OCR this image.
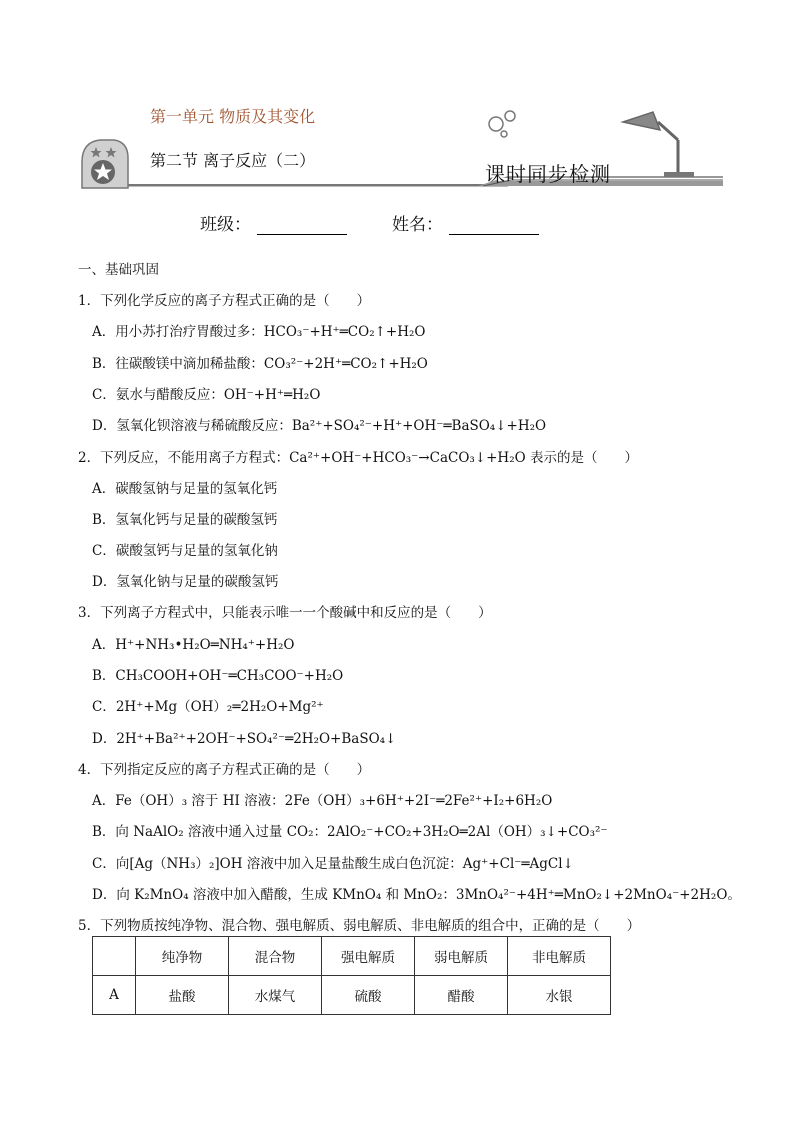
第一单元 物质及其变化
第二节 离子反应（二）
课时同步检测
班级：	姓名：
一、基础巩固
1．下列化学反应的离子方程式正确的是（　　）
A．用小苏打治疗胃酸过多：HCO₃⁻+H⁺═CO₂↑+H₂O
B．往碳酸镁中滴加稀盐酸：CO₃²⁻+2H⁺═CO₂↑+H₂O
C．氨水与醋酸反应：OH⁻+H⁺═H₂O
D．氢氧化钡溶液与稀硫酸反应：Ba²⁺+SO₄²⁻+H⁺+OH⁻═BaSO₄↓+H₂O
2．下列反应，不能用离子方程式：Ca²⁺+OH⁻+HCO₃⁻→CaCO₃↓+H₂O 表示的是（　　）
A．碳酸氢钠与足量的氢氧化钙
B．氢氧化钙与足量的碳酸氢钙
C．碳酸氢钙与足量的氢氧化钠
D．氢氧化钠与足量的碳酸氢钙
3．下列离子方程式中，只能表示唯一一个酸碱中和反应的是（　　）
A．H⁺+NH₃•H₂O═NH₄⁺+H₂O
B．CH₃COOH+OH⁻═CH₃COO⁻+H₂O
C．2H⁺+Mg（OH）₂═2H₂O+Mg²⁺
D．2H⁺+Ba²⁺+2OH⁻+SO₄²⁻═2H₂O+BaSO₄↓
4．下列指定反应的离子方程式正确的是（　　）
A．Fe（OH）₃ 溶于 HI 溶液：2Fe（OH）₃+6H⁺+2I⁻═2Fe²⁺+I₂+6H₂O
B．向 NaAlO₂ 溶液中通入过量 CO₂：2AlO₂⁻+CO₂+3H₂O═2Al（OH）₃↓+CO₃²⁻
C．向[Ag（NH₃）₂]OH 溶液中加入足量盐酸生成白色沉淀：Ag⁺+Cl⁻═AgCl↓
D．向 K₂MnO₄ 溶液中加入醋酸，生成 KMnO₄ 和 MnO₂：3MnO₄²⁻+4H⁺═MnO₂↓+2MnO₄⁻+2H₂O。
5．下列物质按纯净物、混合物、强电解质、弱电解质、非电解质的组合中，正确的是（　　）
	纯净物	混合物	强电解质	弱电解质	非电解质
A	盐酸	水煤气	硫酸	醋酸	水银
